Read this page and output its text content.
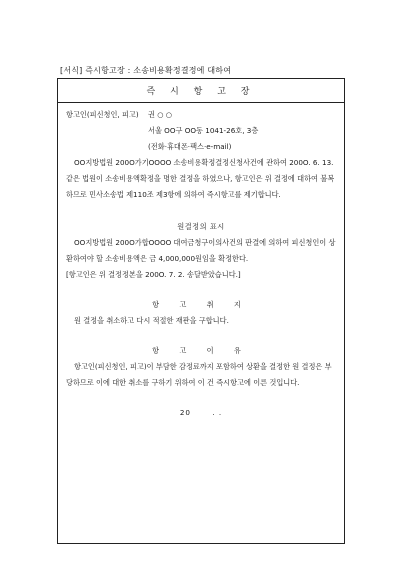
[서식] 즉시항고장 : 소송비용확정결정에 대하여
즉 시 항 고 장
항고인(피신청인, 피고)	권 ○ ○
서울 OO구 OO동 1041-26호, 3층
(전화·휴대폰·팩스·e-mail)

OO지방법원 200O가기OOOO 소송비용확정결정신청사건에 관하여 200O. 6. 13. 같은 법원이 소송비용액확정을 명한 결정을 하였으나, 항고인은 위 결정에 대하여 불복하므로 민사소송법 제110조 제3항에 의하여 즉시항고를 제기합니다.

원결정의 표시

OO지방법원 200O가합OOOO 대여금청구이의사건의 판결에 의하여 피신청인이 상환하여야 할 소송비용액은 금 4,000,000원임을 확정한다.

[항고인은 위 결정정본을 200O. 7. 2. 송달받았습니다.]

항 고 취 지

원 결정을 취소하고 다시 적절한 재판을 구합니다.

항 고 이 유

항고인(피신청인, 피고)이 부담한 감정료까지 포함하여 상환을 결정한 원 결정은 부당하므로 이에 대한 취소를 구하기 위하여 이 건 즉시항고에 이른 것입니다.

20	. .
